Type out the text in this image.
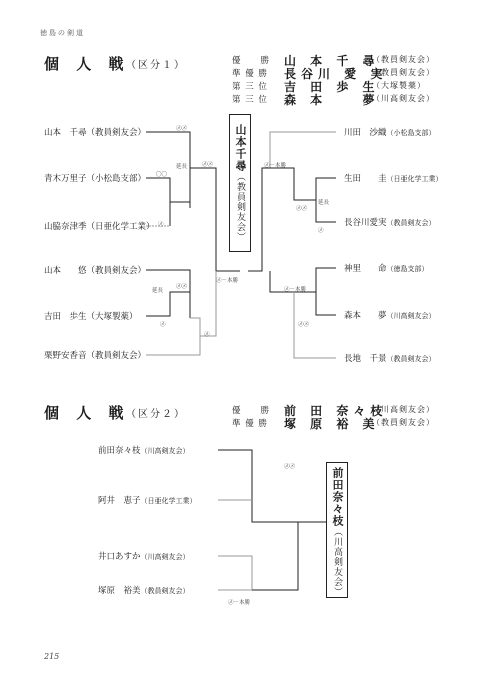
徳島の剣道
個 人 戦
（区分１）	優　　勝 山 本 千 尋
（教員剣友会）
準 優 勝 長谷川 愛 実
（教員剣友会）
第 三 位 吉 田 歩 生
（大塚製薬）
第 三 位 森 本 　 夢
（川高剣友会）
山本　千尋（教員剣友会）
青木万里子（小松島支部）
山脇奈津季（日亜化学工業）
山本　　悠（教員剣友会）
吉田　歩生（大塚製薬）
栗野安香音（教員剣友会）
川田　沙織（小松島支部）
生田　　圭（日亜化学工業）
長谷川愛実（教員剣友会）
神里　　命（徳島支部）
森本　　夢（川高剣友会）
長地　千景（教員剣友会）
山本千尋（教員剣友会）
㋱㋱
延長	㋱㋱
〇〇
㋱
延長
㋱㋱
㋱
㋱
㋱－本勝
㋱－本勝
㋱－本勝
㋱㋱
延長
㋱
㋱㋱
個 人 戦
（区分２）	優　　勝 前 田 奈々枝
（川高剣友会）
準 優 勝 塚 原 裕 美
（教員剣友会）
前田奈々枝（川高剣友会）
阿井　恵子（日亜化学工業）
井口あすか（川高剣友会）
塚原　裕美（教員剣友会）
前田奈々枝（川高剣友会）
㋱㋱
㋱－本勝
215
